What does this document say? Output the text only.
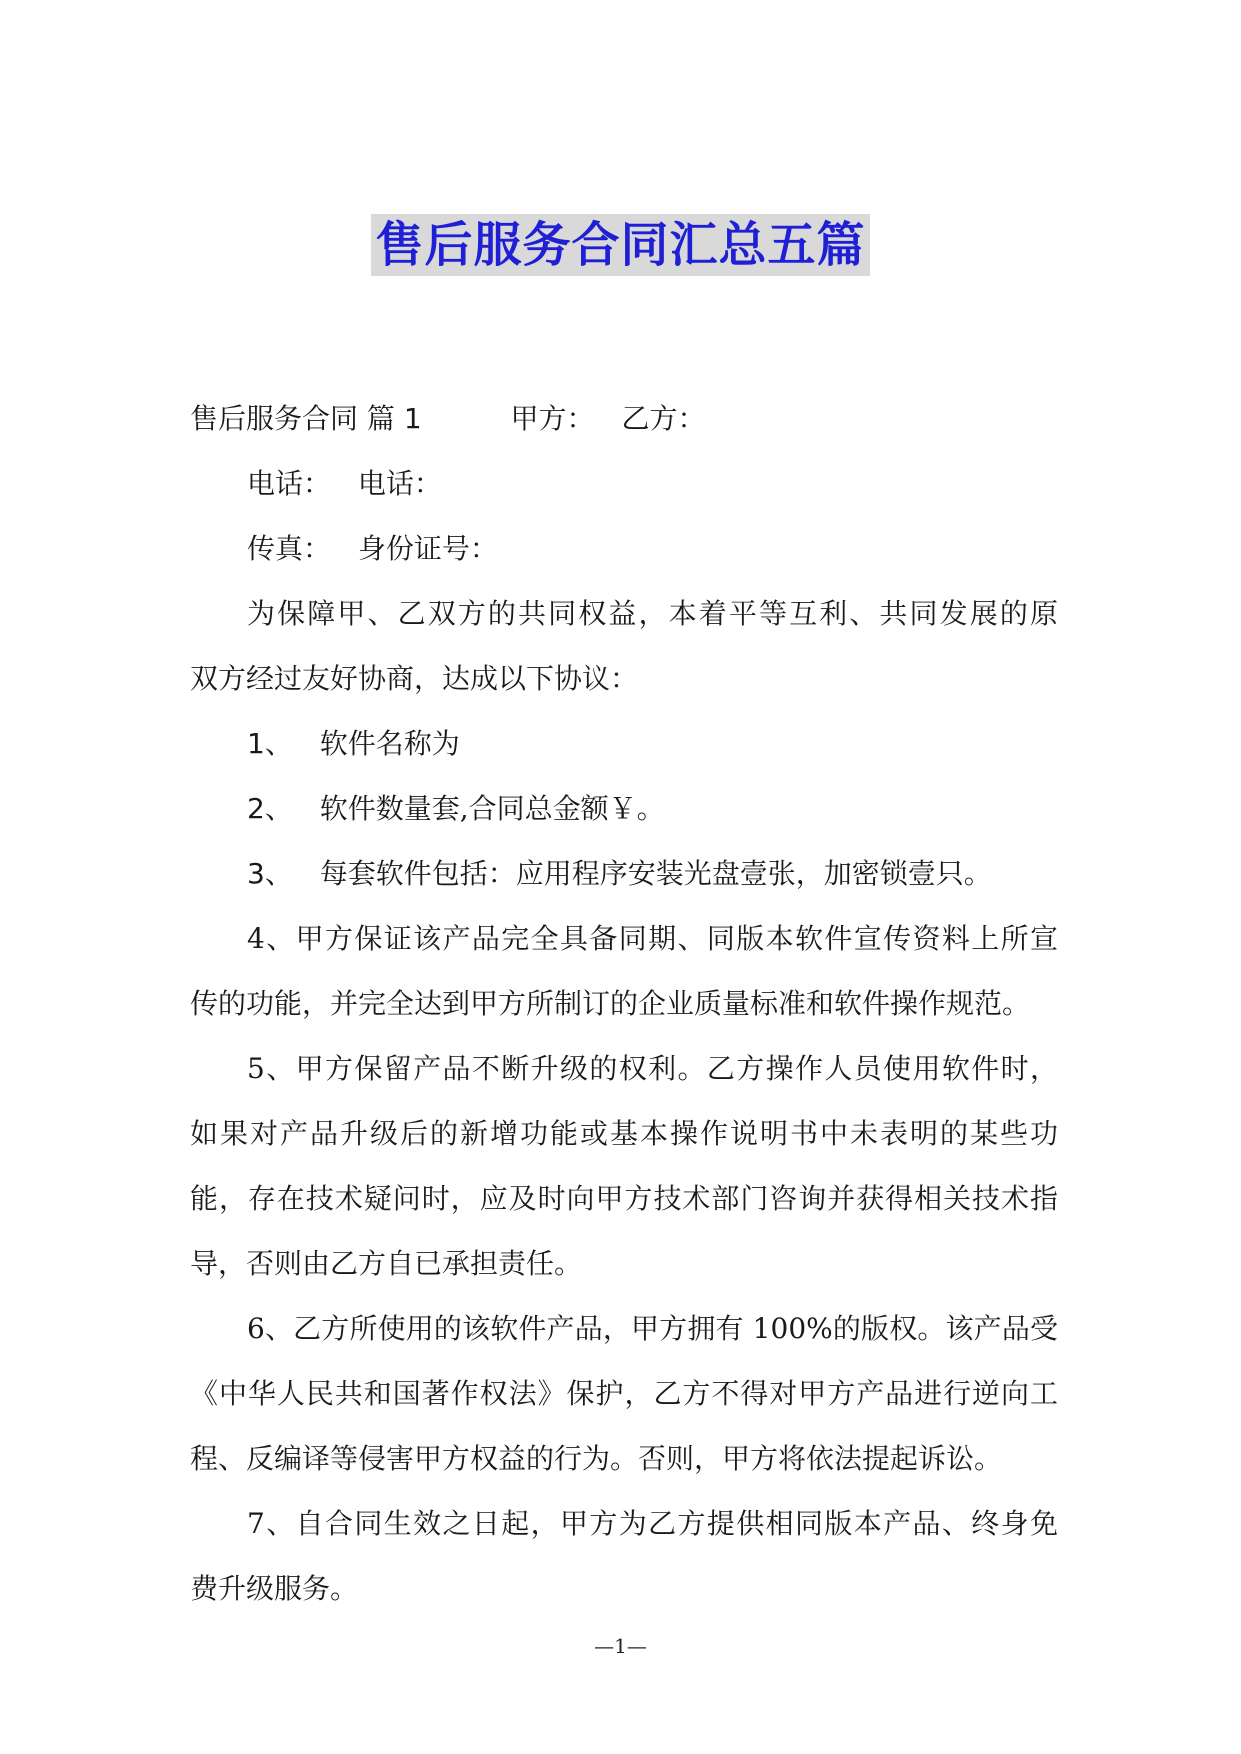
售后服务合同汇总五篇
售后服务合同 篇 1	甲方： 乙方：
电话： 电话：
传真： 身份证号：
为保障甲、乙双方的共同权益，本着平等互利、共同发展的原
双方经过友好协商，达成以下协议：
1、 软件名称为
2、 软件数量套,合同总金额￥。
3、 每套软件包括：应用程序安装光盘壹张，加密锁壹只。
4、甲方保证该产品完全具备同期、同版本软件宣传资料上所宣
传的功能，并完全达到甲方所制订的企业质量标准和软件操作规范。
5、甲方保留产品不断升级的权利。乙方操作人员使用软件时，
如果对产品升级后的新增功能或基本操作说明书中未表明的某些功
能，存在技术疑问时，应及时向甲方技术部门咨询并获得相关技术指
导，否则由乙方自已承担责任。
6、乙方所使用的该软件产品，甲方拥有 100%的版权。该产品受
《中华人民共和国著作权法》保护，乙方不得对甲方产品进行逆向工
程、反编译等侵害甲方权益的行为。否则，甲方将依法提起诉讼。
7、自合同生效之日起，甲方为乙方提供相同版本产品、终身免
费升级服务。
—1—
